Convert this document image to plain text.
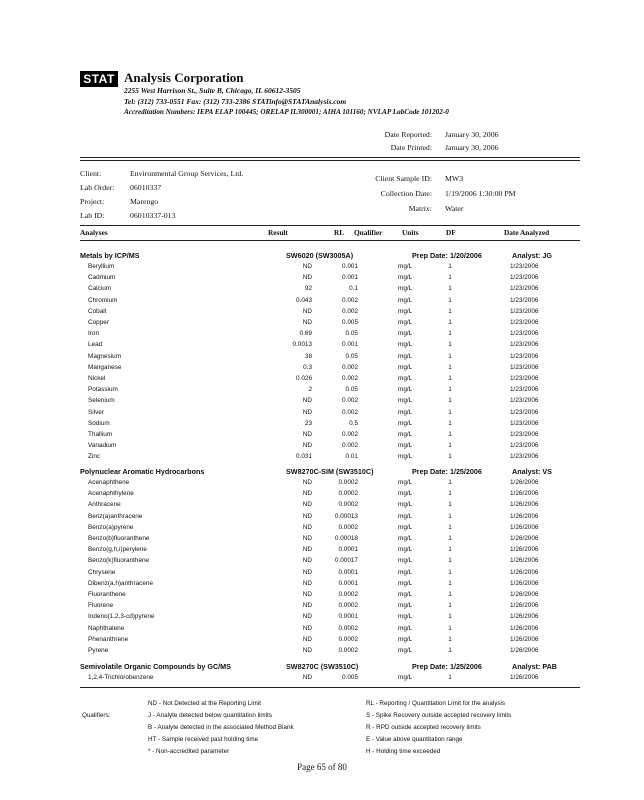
STAT Analysis Corporation
2255 West Harrison St., Suite B, Chicago, IL 60612-3505
Tel: (312) 733-0551 Fax: (312) 733-2386 STATinfo@STATAnalysis.com
Accreditation Numbers: IEPA ELAP 100445; ORELAP IL300001; AIHA 101160; NVLAP LabCode 101202-0
Date Reported: January 30, 2006
Date Printed: January 30, 2006
Client:	Environmental Group Services, Ltd.
Lab Order: 06010337
Project:	Marengo
Lab ID:	06010337-013
Client Sample ID: MW3
Collection Date: 1/19/2006 1:30:00 PM
Matrix: Water
Analyses	Result	RL Qualifier	Units	DF	Date Analyzed
Metals by ICP/MS	SW6020 (SW3005A)	Prep Date: 1/20/2006	Analyst: JG
Beryllium	ND	0.001	mg/L	1	1/23/2006
Cadmium	ND	0.001	mg/L	1	1/23/2006
Calcium	92	0.1	mg/L	1	1/23/2006
Chromium	0.043	0.002	mg/L	1	1/23/2006
Cobalt	ND	0.002	mg/L	1	1/23/2006
Copper	ND	0.005	mg/L	1	1/23/2006
Iron	0.69	0.05	mg/L	1	1/23/2006
Lead	0.0013	0.001	mg/L	1	1/23/2006
Magnesium	38	0.05	mg/L	1	1/23/2006
Manganese	0.3	0.002	mg/L	1	1/23/2006
Nickel	0.026	0.002	mg/L	1	1/23/2006
Potassium	2	0.05	mg/L	1	1/23/2006
Selenium	ND	0.002	mg/L	1	1/23/2006
Silver	ND	0.002	mg/L	1	1/23/2006
Sodium	23	0.5	mg/L	1	1/23/2006
Thallium	ND	0.002	mg/L	1	1/23/2006
Vanadium	ND	0.002	mg/L	1	1/23/2006
Zinc	0.031	0.01	mg/L	1	1/23/2006
Polynuclear Aromatic Hydrocarbons	SW8270C-SIM (SW3510C)	Prep Date: 1/25/2006	Analyst: VS
Acenaphthene	ND	0.0002	mg/L	1	1/26/2006
Acenaphthylene	ND	0.0002	mg/L	1	1/26/2006
Anthracene	ND	0.0002	mg/L	1	1/26/2006
Benz(a)anthracene	ND	0.00013	mg/L	1	1/26/2006
Benzo(a)pyrene	ND	0.0002	mg/L	1	1/26/2006
Benzo(b)fluoranthene	ND	0.00018	mg/L	1	1/26/2006
Benzo(g,h,i)perylene	ND	0.0001	mg/L	1	1/26/2006
Benzo(k)fluoranthene	ND	0.00017	mg/L	1	1/26/2006
Chrysene	ND	0.0001	mg/L	1	1/26/2006
Dibenz(a,h)anthracene	ND	0.0001	mg/L	1	1/26/2006
Fluoranthene	ND	0.0002	mg/L	1	1/26/2006
Fluorene	ND	0.0002	mg/L	1	1/26/2006
Indeno(1,2,3-cd)pyrene	ND	0.0001	mg/L	1	1/26/2006
Naphthalene	ND	0.0002	mg/L	1	1/26/2006
Phenanthrene	ND	0.0002	mg/L	1	1/26/2006
Pyrene	ND	0.0002	mg/L	1	1/26/2006
Semivolatile Organic Compounds by GC/MS	SW8270C (SW3510C)	Prep Date: 1/25/2006	Analyst: PAB
1,2,4-Trichlorobenzene	ND	0.005	mg/L	1	1/26/2006
Qualifiers:
ND - Not Detected at the Reporting Limit
J - Analyte detected below quantitation limits
B - Analyte detected in the associated Method Blank
HT - Sample received past holding time
* - Non-accredited parameter
RL - Reporting / Quantitation Limit for the analysis
S - Spike Recovery outside accepted recovery limits
R - RPD outside accepted recovery limits
E - Value above quantitation range
H - Holding time exceeded
Page 65 of 80
